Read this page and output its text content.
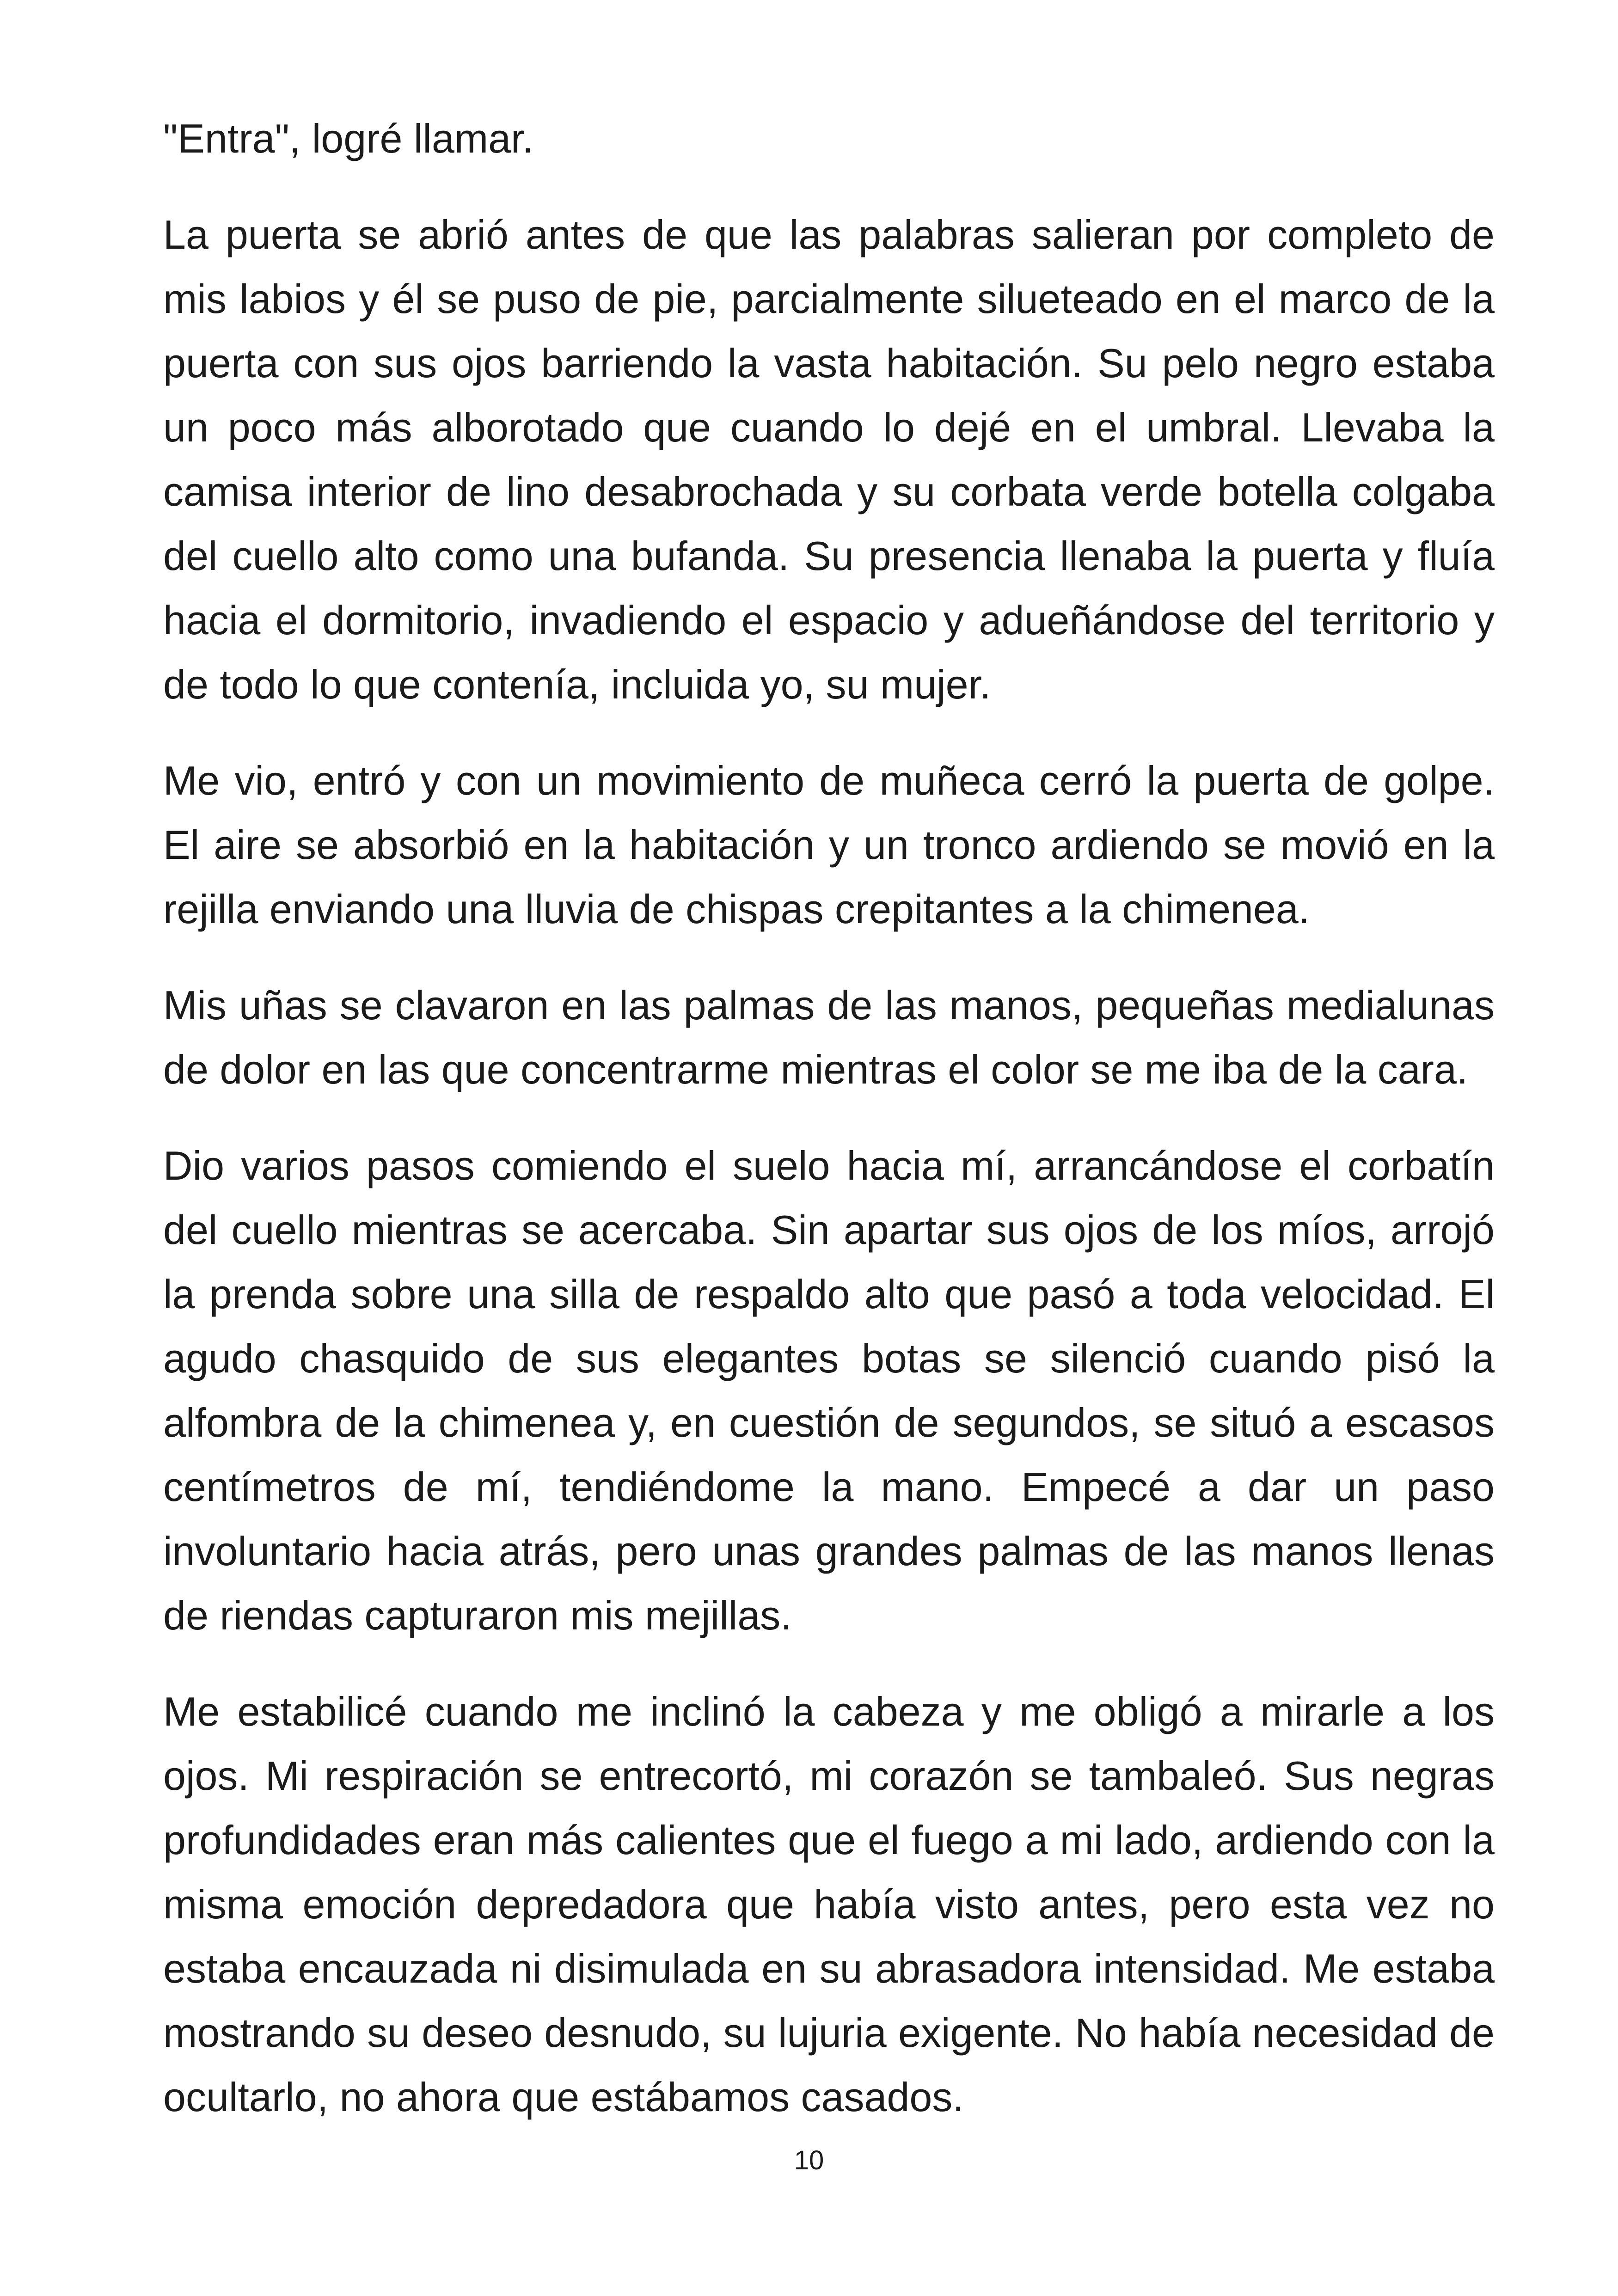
"Entra", logré llamar.

La puerta se abrió antes de que las palabras salieran por completo de mis labios y él se puso de pie, parcialmente silueteado en el marco de la puerta con sus ojos barriendo la vasta habitación. Su pelo negro estaba un poco más alborotado que cuando lo dejé en el umbral. Llevaba la camisa interior de lino desabrochada y su corbata verde botella colgaba del cuello alto como una bufanda. Su presencia llenaba la puerta y fluía hacia el dormitorio, invadiendo el espacio y adueñándose del territorio y de todo lo que contenía, incluida yo, su mujer.

Me vio, entró y con un movimiento de muñeca cerró la puerta de golpe. El aire se absorbió en la habitación y un tronco ardiendo se movió en la rejilla enviando una lluvia de chispas crepitantes a la chimenea.

Mis uñas se clavaron en las palmas de las manos, pequeñas medialunas de dolor en las que concentrarme mientras el color se me iba de la cara.

Dio varios pasos comiendo el suelo hacia mí, arrancándose el corbatín del cuello mientras se acercaba. Sin apartar sus ojos de los míos, arrojó la prenda sobre una silla de respaldo alto que pasó a toda velocidad. El agudo chasquido de sus elegantes botas se silenció cuando pisó la alfombra de la chimenea y, en cuestión de segundos, se situó a escasos centímetros de mí, tendiéndome la mano. Empecé a dar un paso involuntario hacia atrás, pero unas grandes palmas de las manos llenas de riendas capturaron mis mejillas.

Me estabilicé cuando me inclinó la cabeza y me obligó a mirarle a los ojos. Mi respiración se entrecortó, mi corazón se tambaleó. Sus negras profundidades eran más calientes que el fuego a mi lado, ardiendo con la misma emoción depredadora que había visto antes, pero esta vez no estaba encauzada ni disimulada en su abrasadora intensidad. Me estaba mostrando su deseo desnudo, su lujuria exigente. No había necesidad de ocultarlo, no ahora que estábamos casados.

10
